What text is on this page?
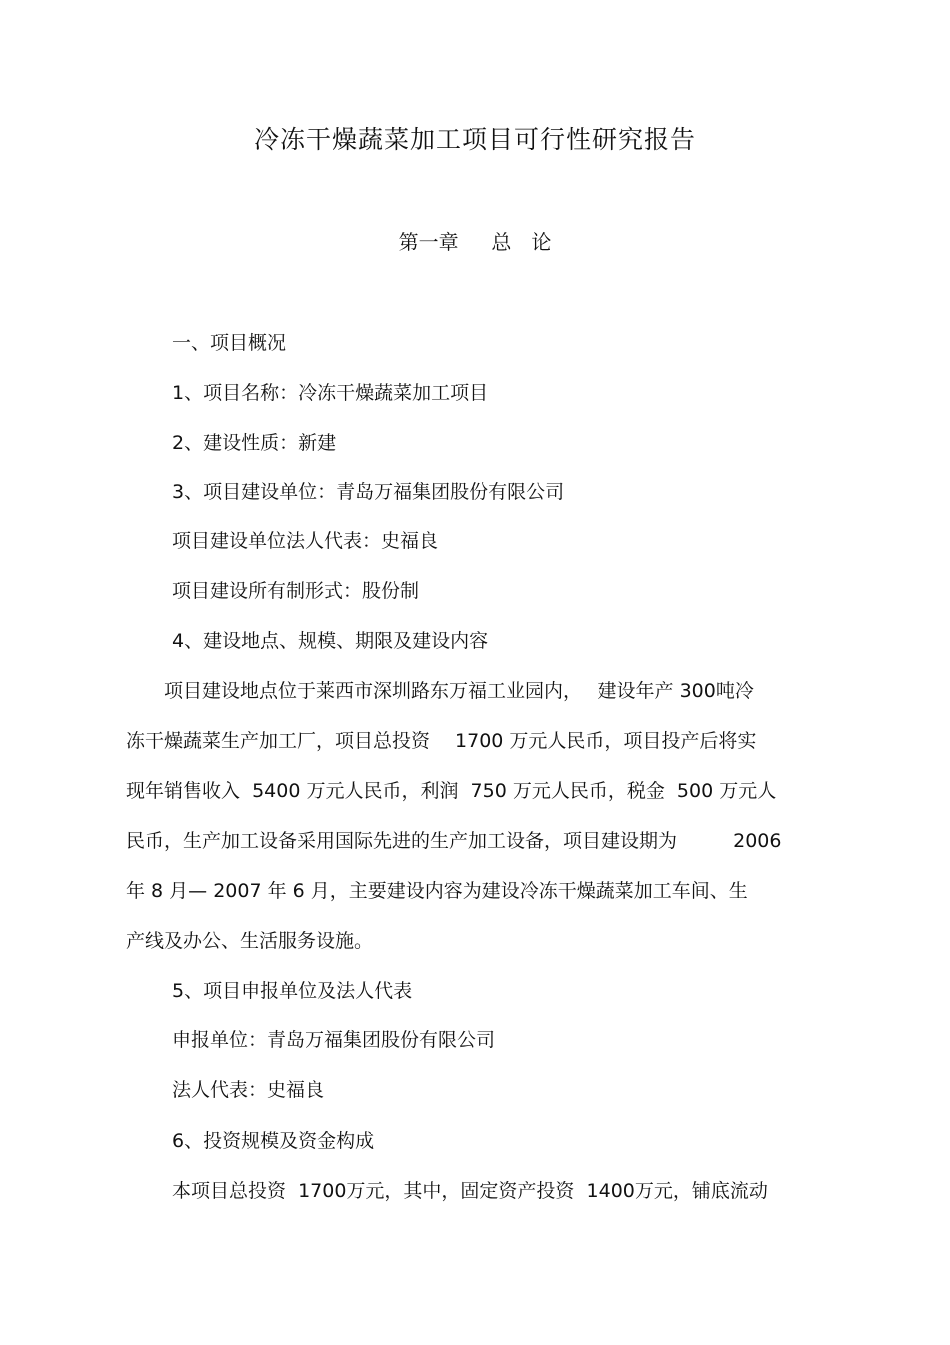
冷冻干燥蔬菜加工项目可行性研究报告
第一章　  总　论
一、项目概况
1、项目名称：冷冻干燥蔬菜加工项目
2、建设性质：新建
3、项目建设单位：青岛万福集团股份有限公司
项目建设单位法人代表：史福良
项目建设所有制形式：股份制
4、建设地点、规模、期限及建设内容
　　项目建设地点位于莱西市深圳路东万福工业园内，　 建设年产 300吨冷
冻干燥蔬菜生产加工厂，项目总投资　 1700 万元人民币，项目投产后将实
现年销售收入  5400 万元人民币，利润  750 万元人民币，税金  500 万元人
民币，生产加工设备采用国际先进的生产加工设备，项目建设期为　　   2006
年 8 月— 2007 年 6 月，主要建设内容为建设冷冻干燥蔬菜加工车间、生
产线及办公、生活服务设施。
5、项目申报单位及法人代表
申报单位：青岛万福集团股份有限公司
法人代表：史福良
6、投资规模及资金构成
本项目总投资  1700万元，其中，固定资产投资  1400万元，铺底流动
